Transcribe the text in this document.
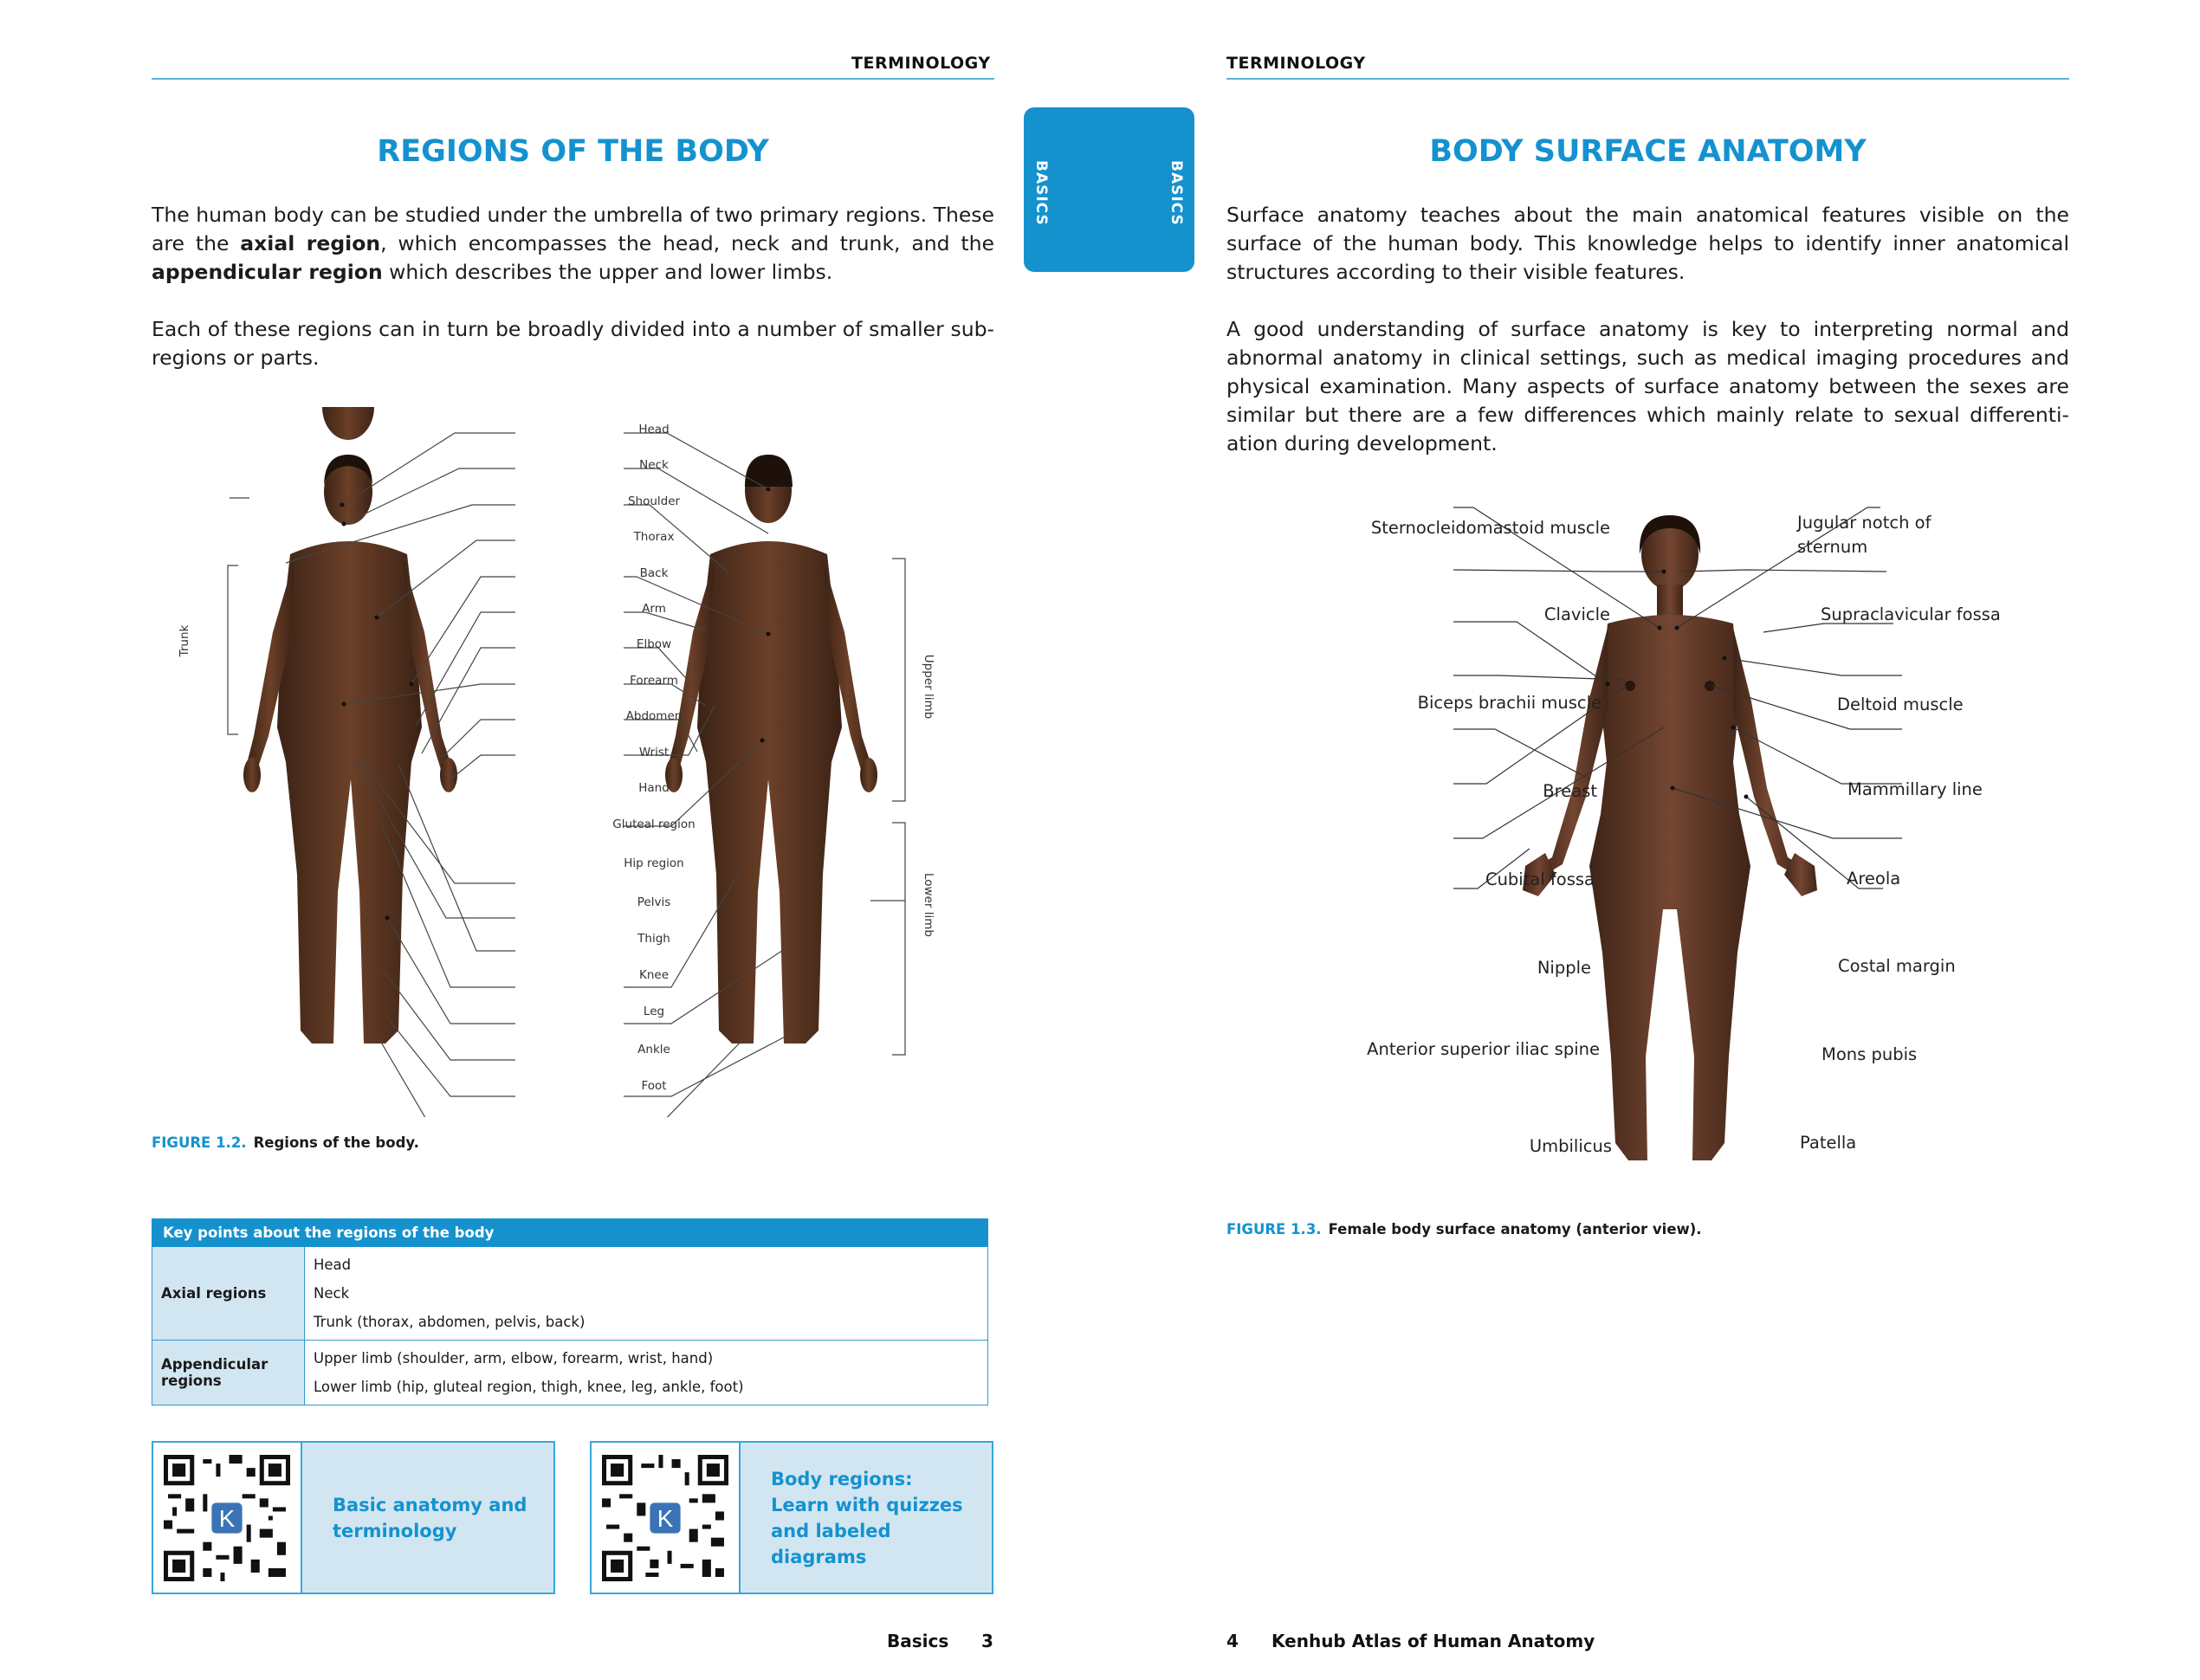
TERMINOLOGY
REGIONS OF THE BODY

The human body can be studied under the umbrella of two primary regions. These are the axial region, which encompasses the head, neck and trunk, and the appendicular region which describes the upper and lower limbs.

Each of these regions can in turn be broadly divided into a number of smaller sub-regions or parts.

Head
Neck
Shoulder
Thorax
Back
Arm
Elbow
Forearm
Abdomen
Wrist
Hand
Gluteal region
Hip region
Pelvis
Thigh
Knee
Leg
Ankle
Foot
Trunk
Upper limb
Lower limb
FIGURE 1.2. Regions of the body.
Key points about the regions of the body	
Axial regions	Head
Neck
Trunk (thorax, abdomen, pelvis, back)

Appendicular regions	Upper limb (shoulder, arm, elbow, forearm, wrist, hand)
Lower limb (hip, gluteal region, thigh, knee, leg, ankle, foot)
K
Basic anatomy and terminology	K
Body regions: Learn with quizzes and labeled diagrams
Basics 3
BASICS	BASICS
TERMINOLOGY
BODY SURFACE ANATOMY

Surface anatomy teaches about the main anatomical features visible on the surface of the human body. This knowledge helps to identify inner anatomical structures according to their visible features.

A good understanding of surface anatomy is key to interpreting normal and abnormal anatomy in clinical settings, such as medical imaging procedures and physical examination. Many aspects of surface anatomy between the sexes are similar but there are a few differences which mainly relate to sexual differentiation during development.

Sternocleidomastoid muscle
Clavicle
Biceps brachii muscle
Breast
Cubital fossa
Nipple
Anterior superior iliac spine
Umbilicus
Jugular notch of sternum
Supraclavicular fossa
Deltoid muscle
Mammillary line
Areola
Costal margin
Mons pubis
Patella
FIGURE 1.3. Female body surface anatomy (anterior view).
4 Kenhub Atlas of Human Anatomy
